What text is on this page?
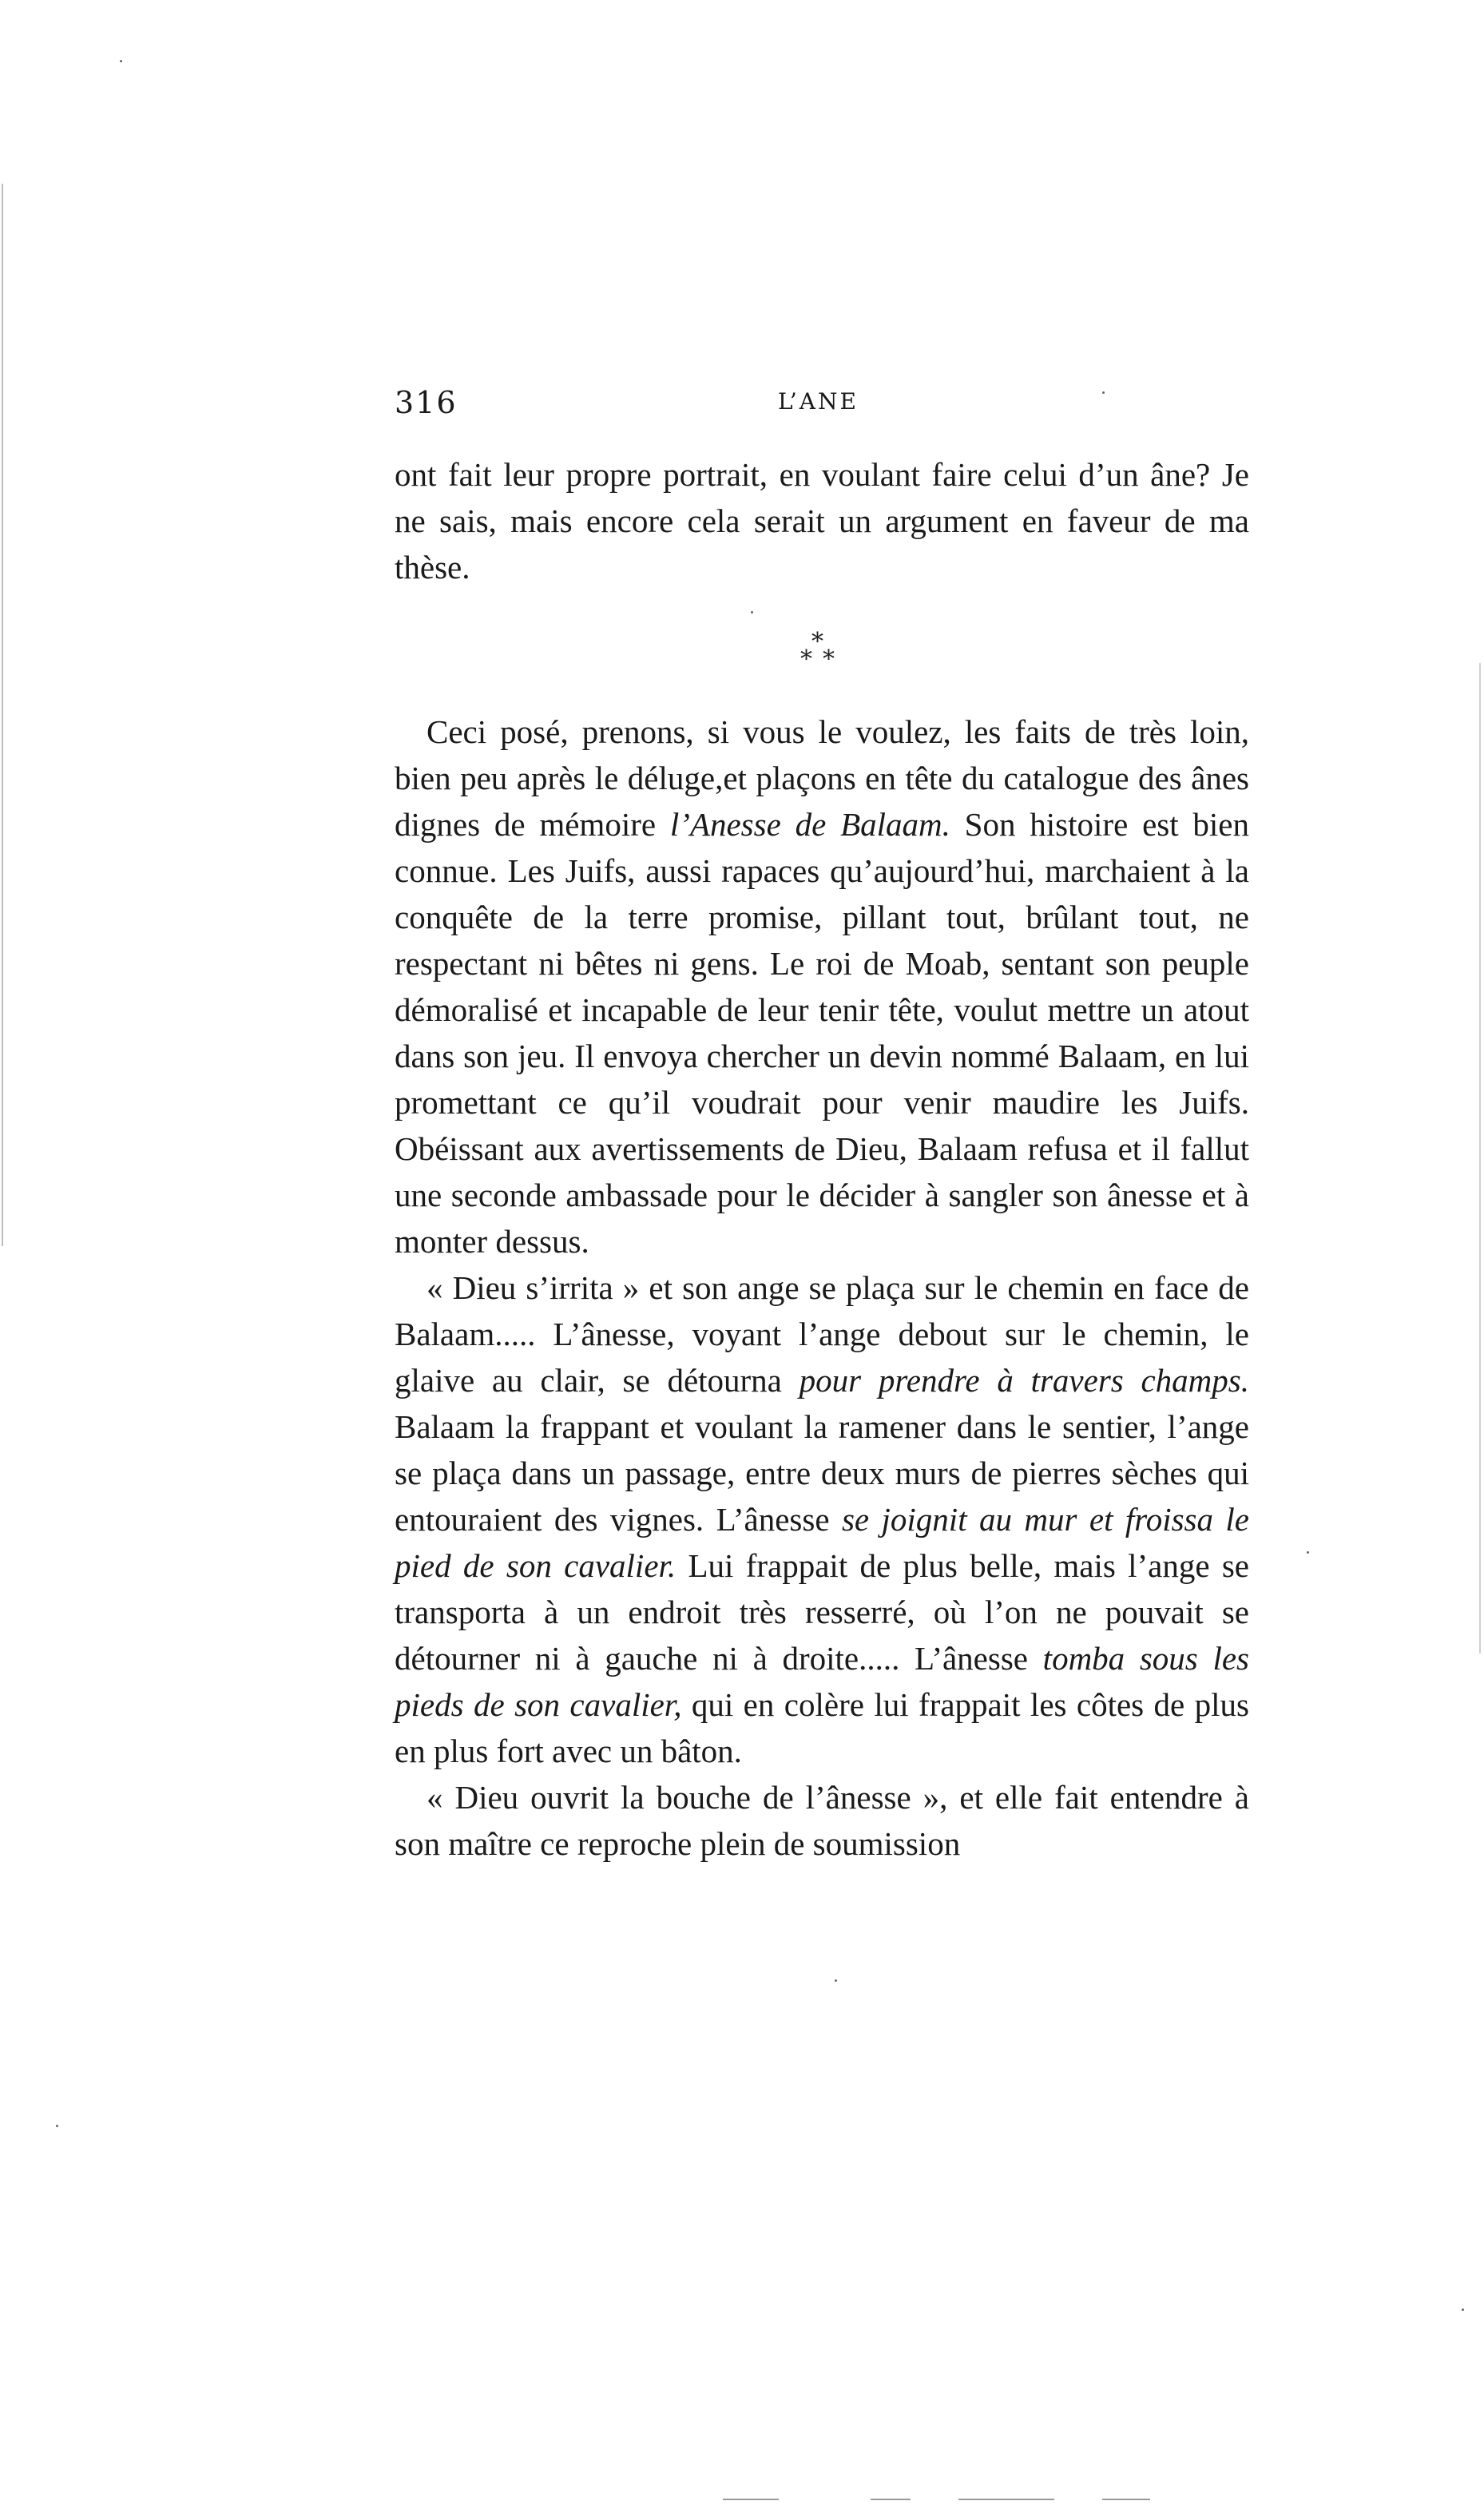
316	L’ANE

ont fait leur propre portrait, en voulant faire celui d’un âne? Je ne sais, mais encore cela serait un argument en faveur de ma thèse.

*
* *

Ceci posé, prenons, si vous le voulez, les faits de très loin, bien peu après le déluge,et plaçons en tête du catalogue des ânes dignes de mémoire l’Anesse de Balaam. Son histoire est bien connue. Les Juifs, aussi rapaces qu’aujourd’hui, marchaient à la conquête de la terre promise, pillant tout, brûlant tout, ne respectant ni bêtes ni gens. Le roi de Moab, sentant son peuple démoralisé et incapable de leur tenir tête, voulut mettre un atout dans son jeu. Il envoya chercher un devin nommé Balaam, en lui promettant ce qu’il voudrait pour venir maudire les Juifs. Obéissant aux avertissements de Dieu, Balaam refusa et il fallut une seconde ambassade pour le décider à sangler son ânesse et à monter dessus.

« Dieu s’irrita » et son ange se plaça sur le chemin en face de Balaam..... L’ânesse, voyant l’ange debout sur le chemin, le glaive au clair, se détourna pour prendre à travers champs. Balaam la frappant et voulant la ramener dans le sentier, l’ange se plaça dans un passage, entre deux murs de pierres sèches qui entouraient des vignes. L’ânesse se joignit au mur et froissa le pied de son cavalier. Lui frappait de plus belle, mais l’ange se transporta à un endroit très resserré, où l’on ne pouvait se détourner ni à gauche ni à droite..... L’ânesse tomba sous les pieds de son cavalier, qui en colère lui frappait les côtes de plus en plus fort avec un bâton.

« Dieu ouvrit la bouche de l’ânesse », et elle fait entendre à son maître ce reproche plein de soumission
